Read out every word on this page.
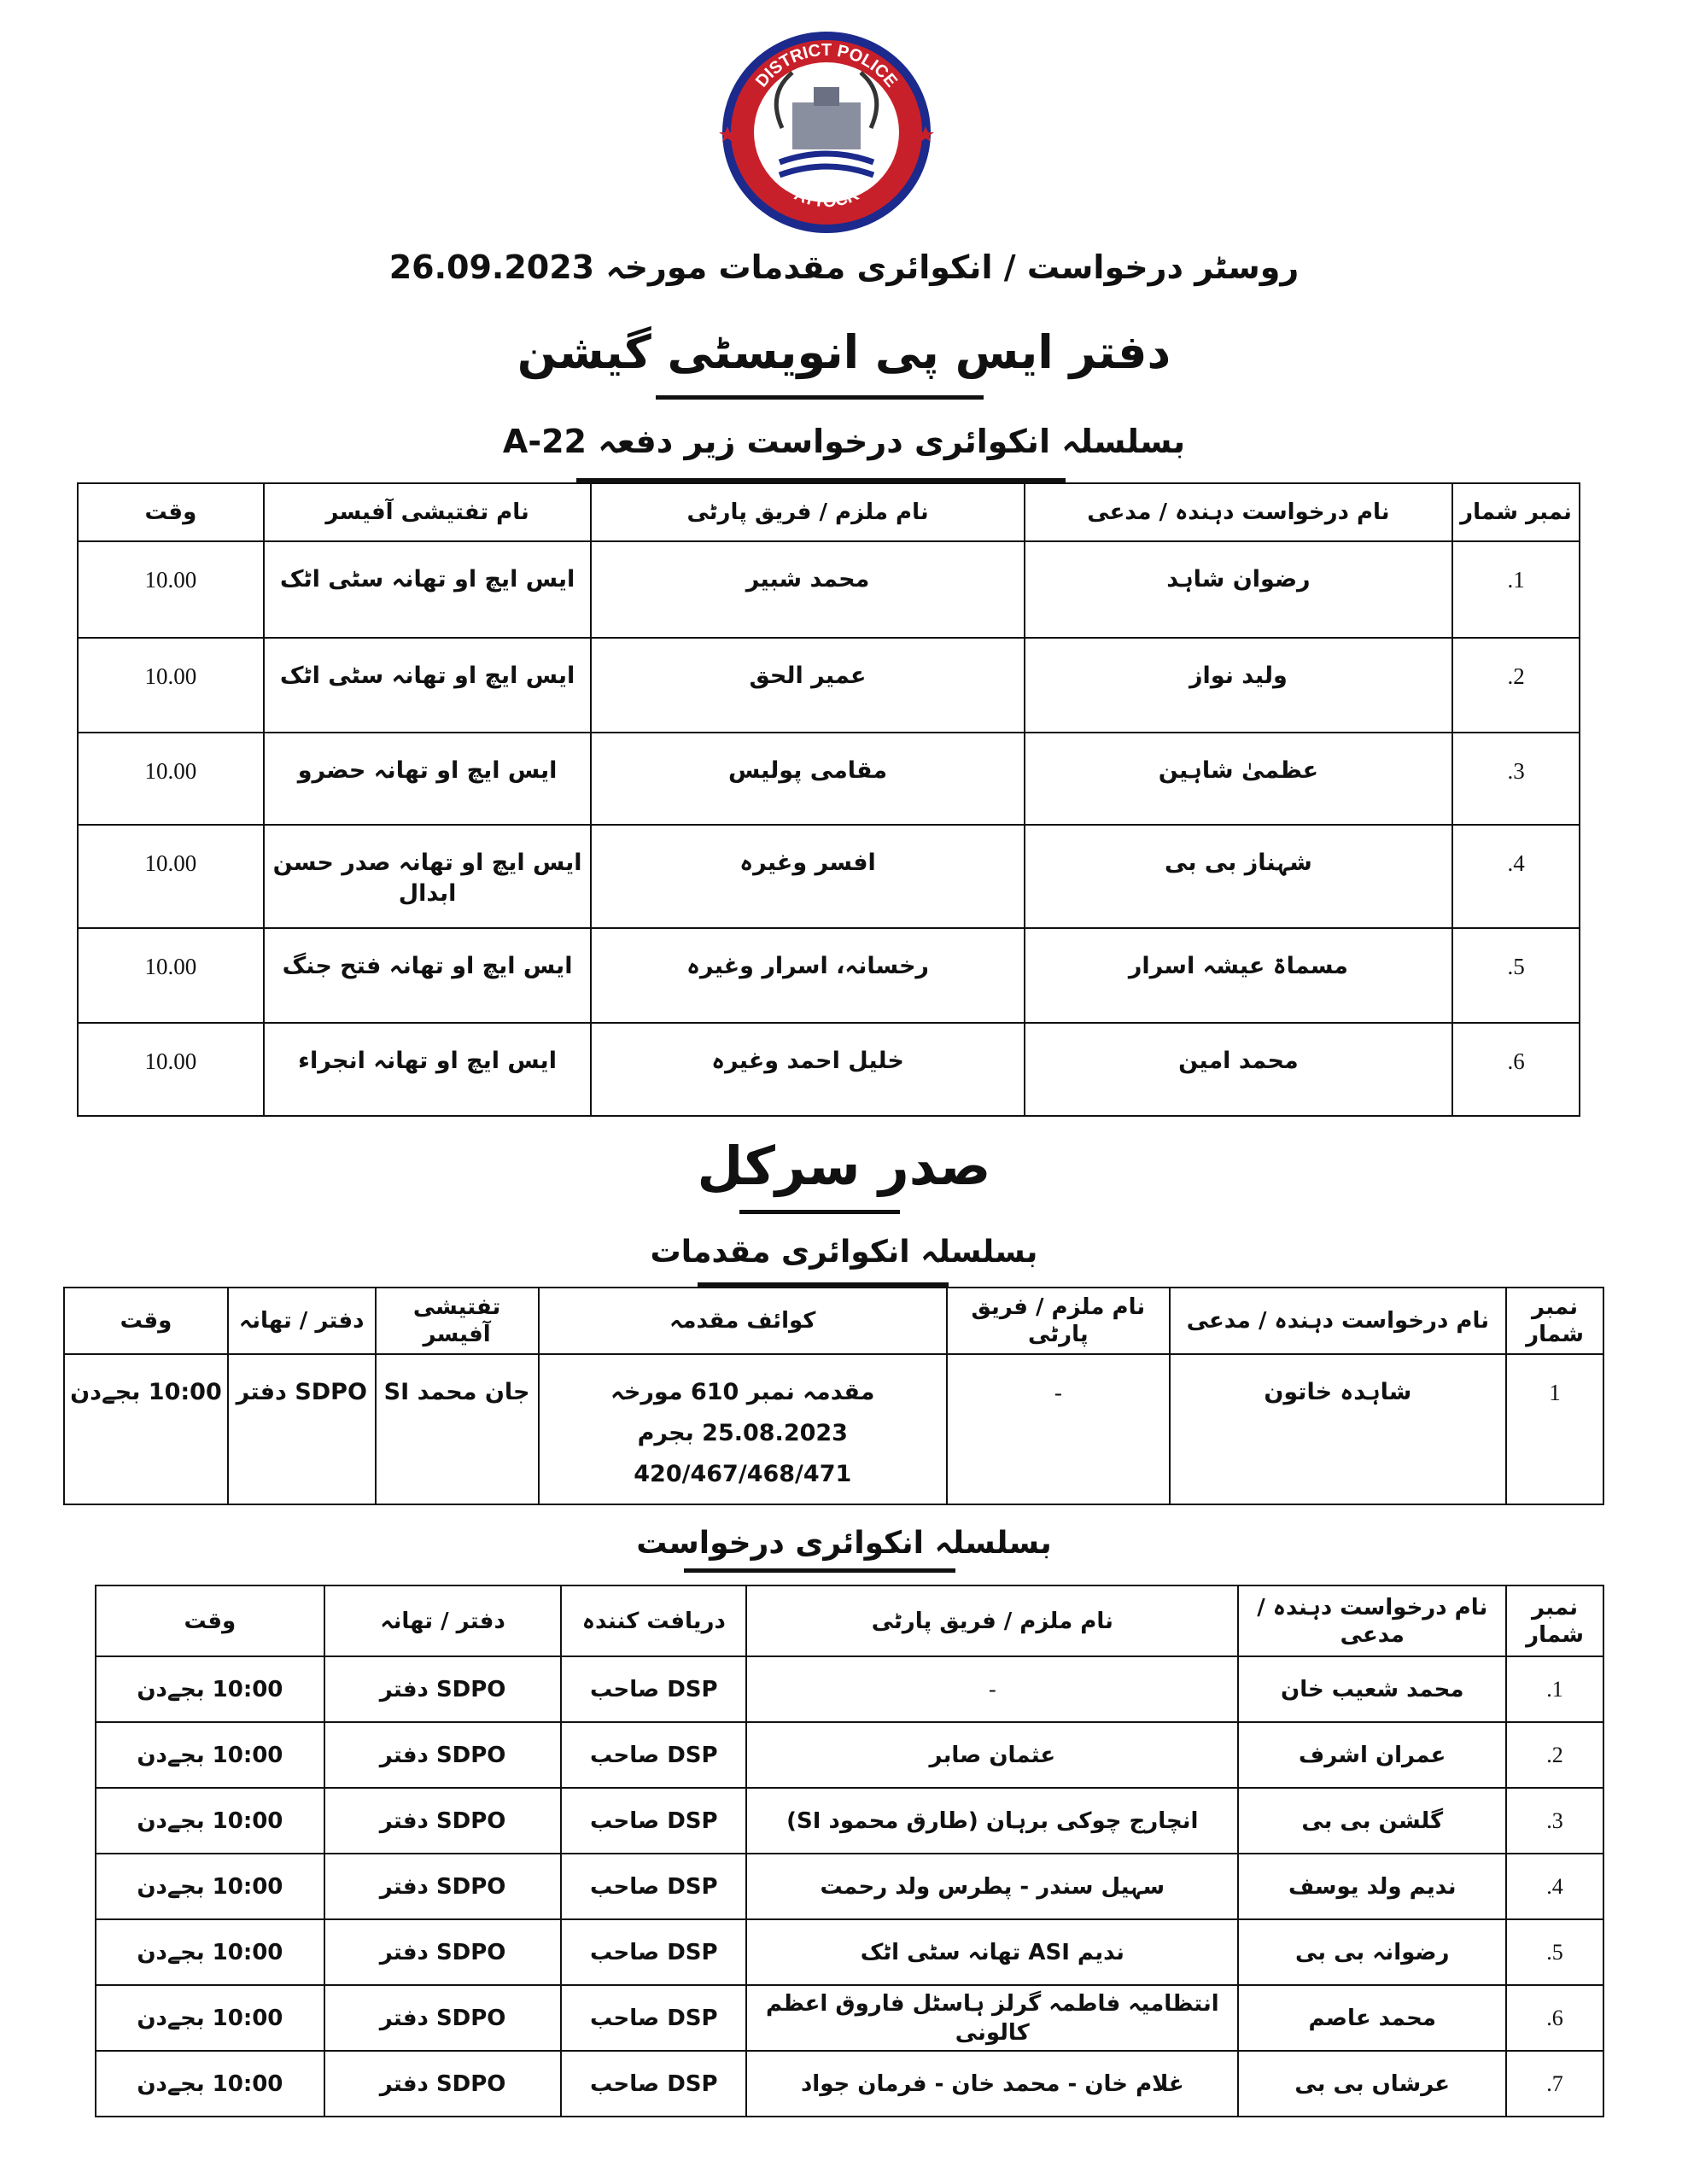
DISTRICT POLICE
ATTOCK
روسٹر درخواست / انکوائری مقدمات مورخہ 26.09.2023
دفتر ایس پی انویسٹی گیشن
بسلسلہ انکوائری درخواست زیر دفعہ 22-A
نمبر شمار	نام درخواست دہندہ / مدعی	نام ملزم / فریق پارٹی	نام تفتیشی آفیسر	وقت
1.	رضوان شاہد	محمد شبیر	ایس ایچ او تھانہ سٹی اٹک	10.00
2.	ولید نواز	عمیر الحق	ایس ایچ او تھانہ سٹی اٹک	10.00
3.	عظمیٰ شاہین	مقامی پولیس	ایس ایچ او تھانہ حضرو	10.00
4.	شہناز بی بی	افسر وغیرہ	ایس ایچ او تھانہ صدر حسن ابدال	10.00
5.	مسماۃ عیشہ اسرار	رخسانہ، اسرار وغیرہ	ایس ایچ او تھانہ فتح جنگ	10.00
6.	محمد امین	خلیل احمد وغیرہ	ایس ایچ او تھانہ انجراء	10.00
صدر سرکل
بسلسلہ انکوائری مقدمات
نمبر شمار	نام درخواست دہندہ / مدعی	نام ملزم / فریق پارٹی	کوائف مقدمہ	تفتیشی آفیسر	دفتر / تھانہ	وقت
1	شاہدہ خاتون	-	مقدمہ نمبر 610 مورخہ 25.08.2023 بجرم 420/467/468/471	جان محمد SI	SDPO دفتر	10:00 بجےدن
بسلسلہ انکوائری درخواست
نمبر شمار	نام درخواست دہندہ / مدعی	نام ملزم / فریق پارٹی	دریافت کنندہ	دفتر / تھانہ	وقت
1.	محمد شعیب خان	-	DSP صاحب	SDPO دفتر	10:00 بجےدن
2.	عمران اشرف	عثمان صابر	DSP صاحب	SDPO دفتر	10:00 بجےدن
3.	گلشن بی بی	انچارج چوکی برہان (طارق محمود SI)	DSP صاحب	SDPO دفتر	10:00 بجےدن
4.	ندیم ولد یوسف	سہیل سندر - پطرس ولد رحمت	DSP صاحب	SDPO دفتر	10:00 بجےدن
5.	رضوانہ بی بی	ندیم ASI تھانہ سٹی اٹک	DSP صاحب	SDPO دفتر	10:00 بجےدن
6.	محمد عاصم	انتظامیہ فاطمہ گرلز ہاسٹل فاروق اعظم کالونی	DSP صاحب	SDPO دفتر	10:00 بجےدن
7.	عرشاں بی بی	غلام خان - محمد خان - فرمان جواد	DSP صاحب	SDPO دفتر	10:00 بجےدن
